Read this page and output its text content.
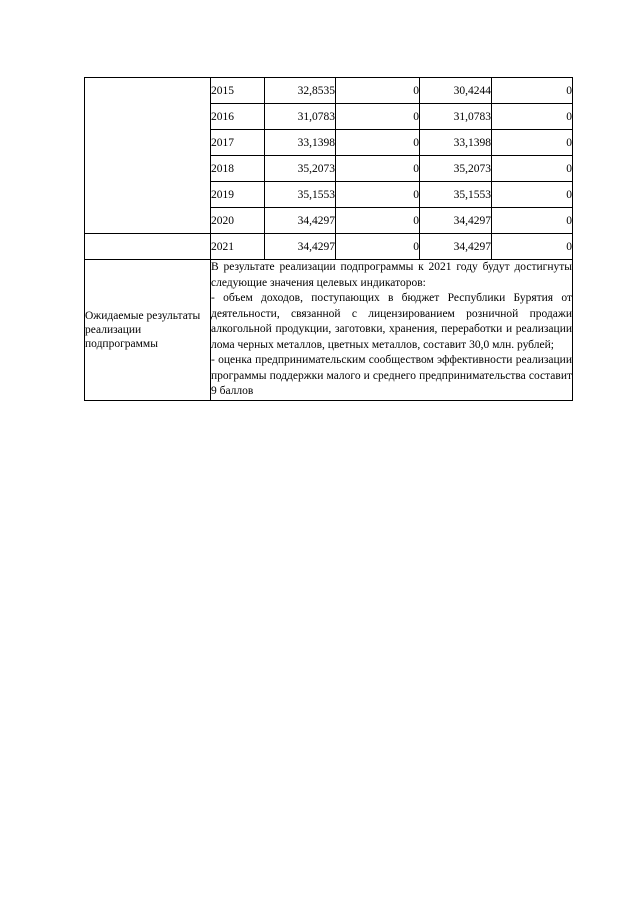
	2015	32,8535	0	30,4244	0
	2016	31,0783	0	31,0783	0
	2017	33,1398	0	33,1398	0
	2018	35,2073	0	35,2073	0
	2019	35,1553	0	35,1553	0
	2020	34,4297	0	34,4297	0
	2021	34,4297	0	34,4297	0
Ожидаемые результаты реализации подпрограммы	В результате реализации подпрограммы к 2021 году будут достигнуты следующие значения целевых индикаторов:
- объем доходов, поступающих в бюджет Республики Бурятия от деятельности, связанной с лицензированием розничной продажи алкогольной продукции, заготовки, хранения, переработки и реализации лома черных металлов, цветных металлов, составит 30,0 млн. рублей;
- оценка предпринимательским сообществом эффективности реализации программы поддержки малого и среднего предпринимательства составит 9 баллов				
